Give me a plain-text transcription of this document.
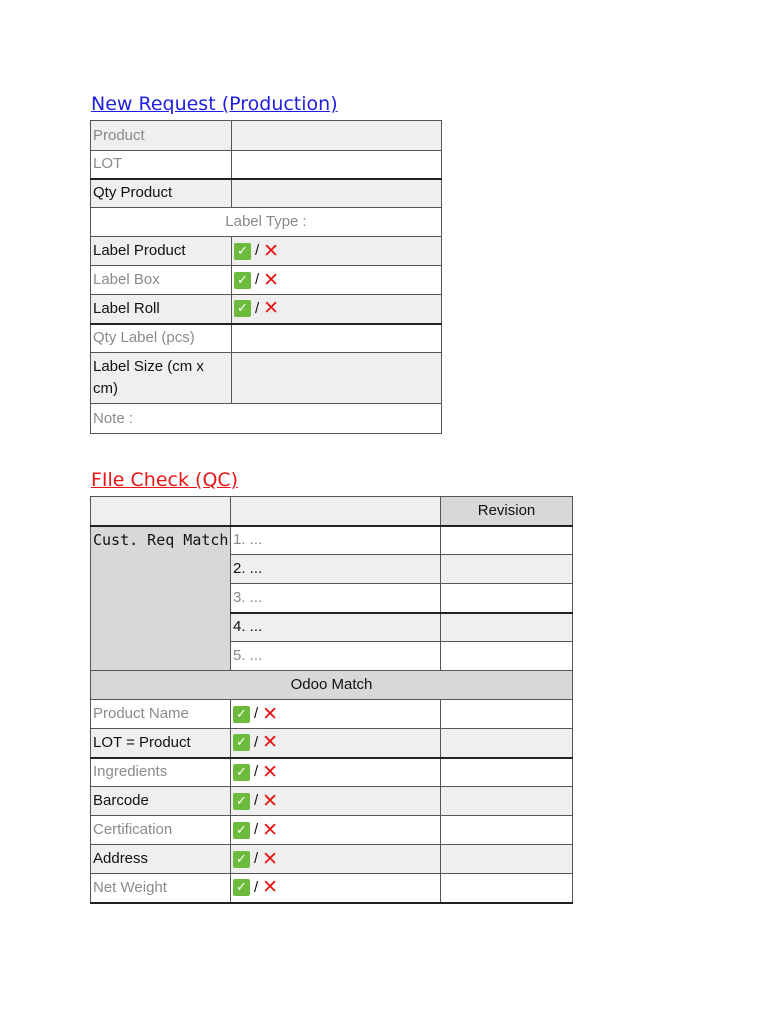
New Request (Production)
Product	
LOT	
Qty Product	
Label Type :	
Label Product	✓ / ✕
Label Box	✓ / ✕
Label Roll	✓ / ✕
Qty Label (pcs)	
Label Size (cm x cm)	
Note :	
FIle Check (QC)
		Revision
Cust. Req Match	1. ...	
	2. ...	
	3. ...	
	4. ...	
	5. ...	
Odoo Match		
Product Name	✓ / ✕	
LOT = Product	✓ / ✕	
Ingredients	✓ / ✕	
Barcode	✓ / ✕	
Certification	✓ / ✕	
Address	✓ / ✕	
Net Weight	✓ / ✕	
